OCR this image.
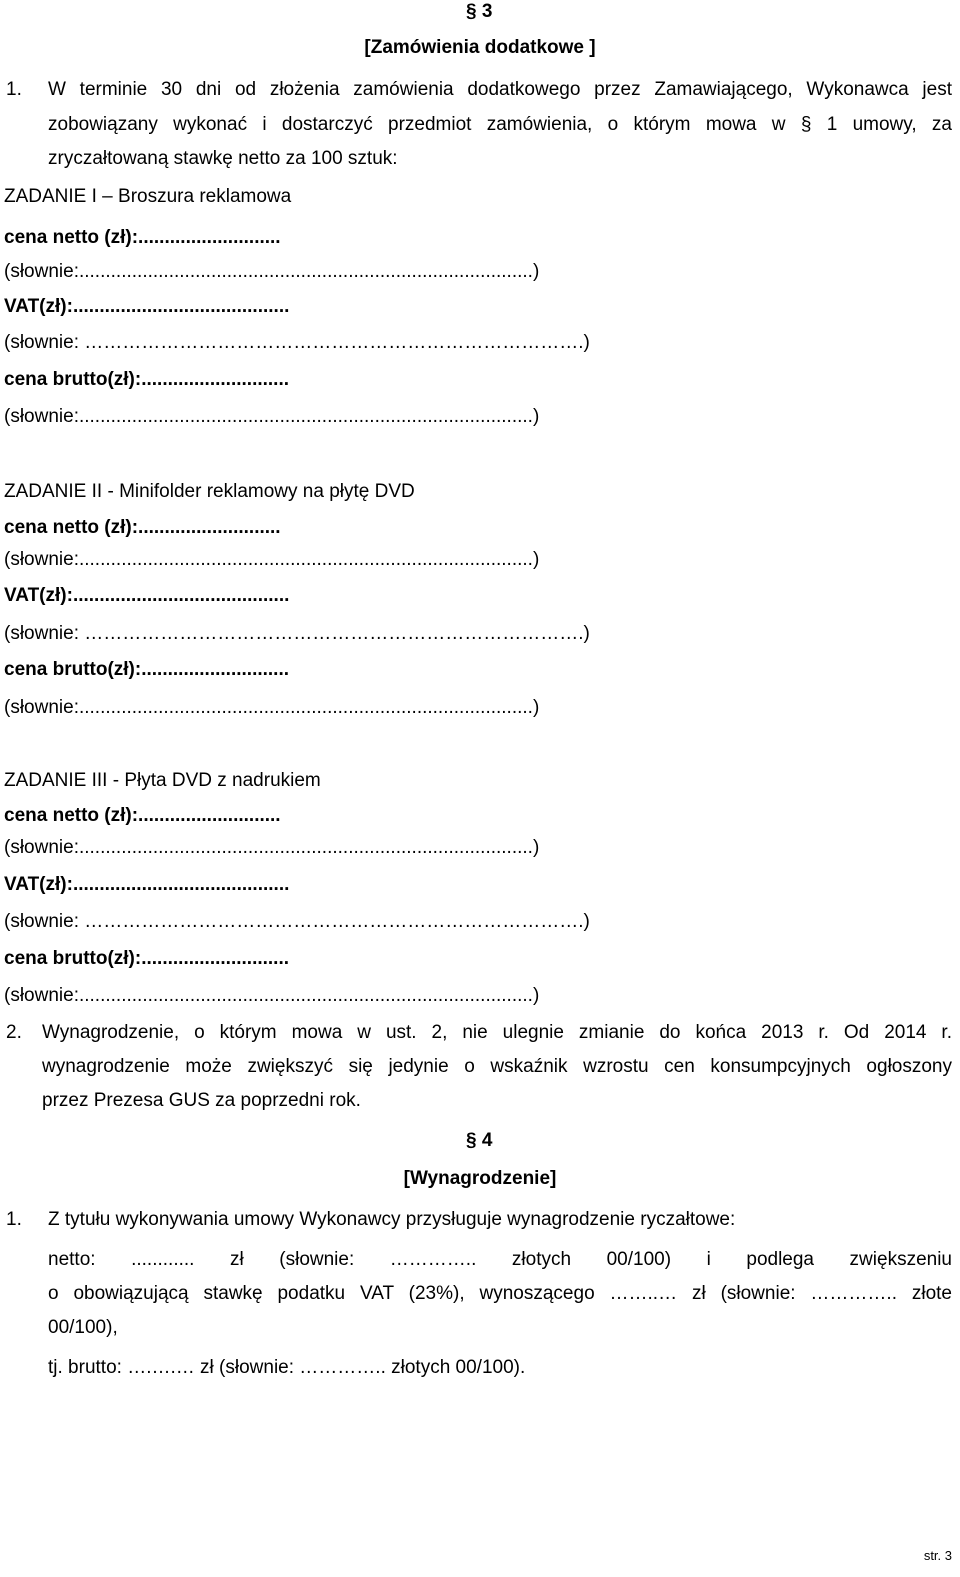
§ 3
[Zamówienia dodatkowe ]
1. W terminie 30 dni od złożenia zamówienia dodatkowego przez Zamawiającego, Wykonawca jest
zobowiązany wykonać i dostarczyć przedmiot zamówienia, o którym mowa w § 1 umowy, za
zryczałtowaną stawkę netto za 100 sztuk:
ZADANIE I – Broszura reklamowa
cena netto (zł):...........................
(słownie:......................................................................................)
VAT(zł):.........................................
(słownie: …………………………………………………………………….)
cena brutto(zł):............................
(słownie:......................................................................................)
ZADANIE II - Minifolder reklamowy na płytę DVD
cena netto (zł):...........................
(słownie:......................................................................................)
VAT(zł):.........................................
(słownie: …………………………………………………………………….)
cena brutto(zł):............................
(słownie:......................................................................................)
ZADANIE III - Płyta DVD z nadrukiem
cena netto (zł):...........................
(słownie:......................................................................................)
VAT(zł):.........................................
(słownie: …………………………………………………………………….)
cena brutto(zł):............................
(słownie:......................................................................................)
2. Wynagrodzenie, o którym mowa w ust. 2, nie ulegnie zmianie do końca 2013 r. Od 2014 r.
wynagrodzenie może zwiększyć się jedynie o wskaźnik wzrostu cen konsumpcyjnych ogłoszony
przez Prezesa GUS za poprzedni rok.
§ 4
[Wynagrodzenie]
1. Z tytułu wykonywania umowy Wykonawcy przysługuje wynagrodzenie ryczałtowe:
netto: ............ zł (słownie: ………….. złotych 00/100) i podlega zwiększeniu
o obowiązującą stawkę podatku VAT (23%), wynoszącego ……..… zł (słownie: ………….. złote
00/100),
tj. brutto: ….….… zł (słownie: ………….. złotych 00/100).
str. 3
